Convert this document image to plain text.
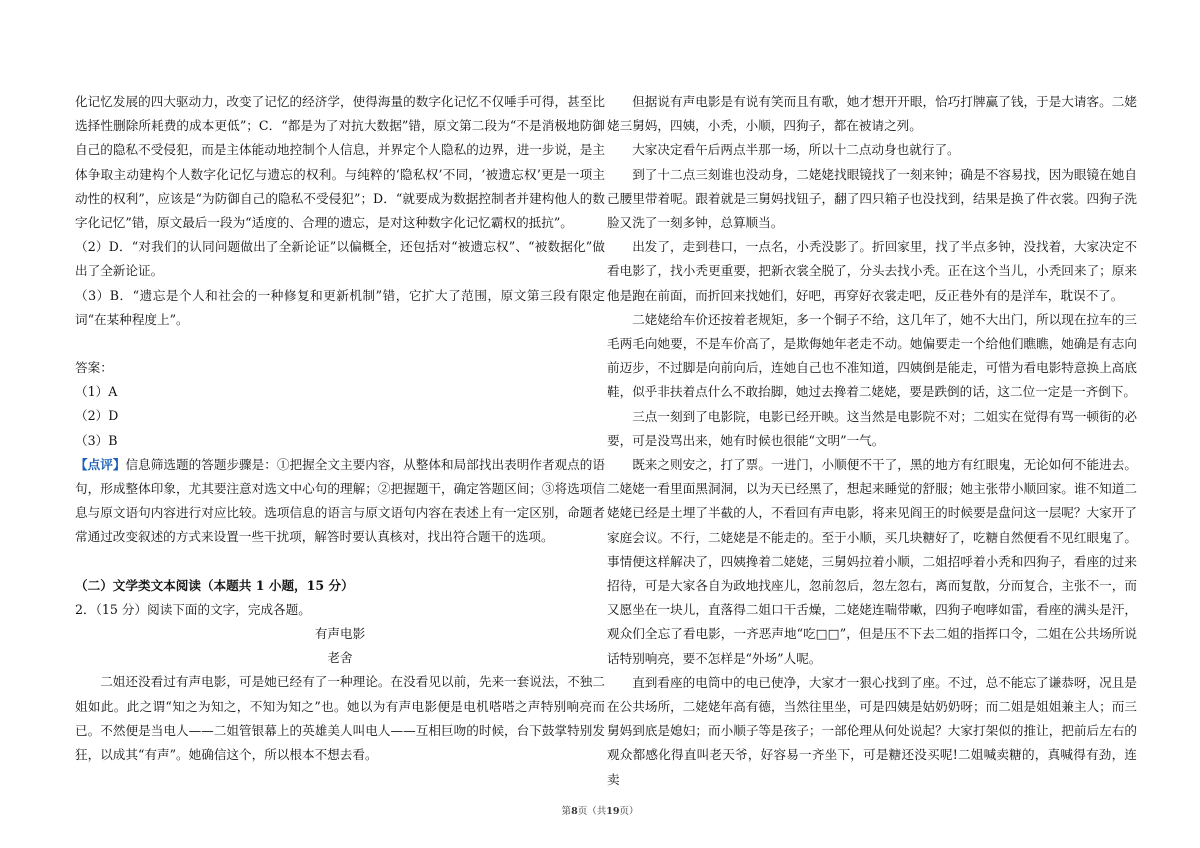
化记忆发展的四大驱动力，改变了记忆的经济学，使得海量的数字化记忆不仅唾手可得，甚至比选择性删除所耗费的成本更低”；C．“都是为了对抗大数据”错，原文第二段为“不是消极地防御自己的隐私不受侵犯，而是主体能动地控制个人信息，并界定个人隐私的边界，进一步说，是主体争取主动建构个人数字化记忆与遗忘的权利。与纯粹的‘隐私权’不同，‘被遗忘权’更是一项主动性的权利”，应该是“为防御自己的隐私不受侵犯”；D．“就要成为数据控制者并建构他人的数字化记忆”错，原文最后一段为“适度的、合理的遗忘，是对这种数字化记忆霸权的抵抗”。

（2）D．“对我们的认同问题做出了全新论证”以偏概全，还包括对“被遗忘权”、“被数据化”做出了全新论证。

（3）B．“遗忘是个人和社会的一种修复和更新机制”错，它扩大了范围，原文第三段有限定词“在某种程度上”。

答案：

（1）A

（2）D

（3）B

【点评】信息筛选题的答题步骤是：①把握全文主要内容，从整体和局部找出表明作者观点的语句，形成整体印象，尤其要注意对选文中心句的理解；②把握题干，确定答题区间；③将选项信息与原文语句内容进行对应比较。选项信息的语言与原文语句内容在表述上有一定区别，命题者常通过改变叙述的方式来设置一些干扰项，解答时要认真核对，找出符合题干的选项。

（二）文学类文本阅读（本题共 1 小题，15 分）

2．（15 分）阅读下面的文字，完成各题。

有声电影

老舍

二姐还没看过有声电影，可是她已经有了一种理论。在没看见以前，先来一套说法，不独二姐如此。此之谓“知之为知之，不知为知之”也。她以为有声电影便是电机嗒嗒之声特别响亮而已。不然便是当电人——二姐管银幕上的英雄美人叫电人——互相巨吻的时候，台下鼓掌特别发狂，以成其“有声”。她确信这个，所以根本不想去看。

但据说有声电影是有说有笑而且有歌，她才想开开眼，恰巧打牌赢了钱，于是大请客。二姥姥三舅妈，四姨，小秃，小顺，四狗子，都在被请之列。

大家决定看午后两点半那一场，所以十二点动身也就行了。

到了十二点三刻谁也没动身，二姥姥找眼镜找了一刻来钟；确是不容易找，因为眼镜在她自己腰里带着呢。跟着就是三舅妈找钮子，翻了四只箱子也没找到，结果是换了件衣裳。四狗子洗脸又洗了一刻多钟，总算顺当。

出发了，走到巷口，一点名，小秃没影了。折回家里，找了半点多钟，没找着，大家决定不看电影了，找小秃更重要，把新衣裳全脱了，分头去找小秃。正在这个当儿，小秃回来了；原来他是跑在前面，而折回来找她们，好吧，再穿好衣裳走吧，反正巷外有的是洋车，耽误不了。

二姥姥给车价还按着老规矩，多一个铜子不给，这几年了，她不大出门，所以现在拉车的三毛两毛向她要，不是车价高了，是欺侮她年老走不动。她偏要走一个给他们瞧瞧，她确是有志向前迈步，不过脚是向前向后，连她自己也不准知道，四姨倒是能走，可惜为看电影特意换上高底鞋，似乎非扶着点什么不敢抬脚，她过去搀着二姥姥，要是跌倒的话，这二位一定是一齐倒下。

三点一刻到了电影院，电影已经开映。这当然是电影院不对；二姐实在觉得有骂一顿街的必要，可是没骂出来，她有时候也很能“文明”一气。

既来之则安之，打了票。一进门，小顺便不干了，黑的地方有红眼鬼，无论如何不能进去。二姥姥一看里面黑洞洞，以为天已经黑了，想起来睡觉的舒服；她主张带小顺回家。谁不知道二姥姥已经是土埋了半截的人，不看回有声电影，将来见阎王的时候要是盘问这一层呢？大家开了家庭会议。不行，二姥姥是不能走的。至于小顺，买几块糖好了，吃糖自然便看不见红眼鬼了。事情便这样解决了，四姨搀着二姥姥，三舅妈拉着小顺，二姐招呼着小秃和四狗子，看座的过来招待，可是大家各自为政地找座儿，忽前忽后，忽左忽右，离而复散，分而复合，主张不一，而又愿坐在一块儿，直落得二姐口干舌燥，二姥姥连喘带嗽，四狗子咆哮如雷，看座的满头是汗，观众们全忘了看电影，一齐恶声地“吃□□”，但是压不下去二姐的指挥口令，二姐在公共场所说话特别响亮，要不怎样是“外场”人呢。

直到看座的电筒中的电已使净，大家才一狠心找到了座。不过，总不能忘了谦恭呀，况且是在公共场所，二姥姥年高有德，当然往里坐，可是四姨是姑奶奶呀；而二姐是姐姐兼主人；而三舅妈到底是媳妇；而小顺子等是孩子；一部伦理从何处说起？大家打架似的推让，把前后左右的观众都感化得直叫老天爷，好容易一齐坐下，可是糖还没买呢!二姐喊卖糖的，真喊得有劲，连卖

第8页（共19页）
